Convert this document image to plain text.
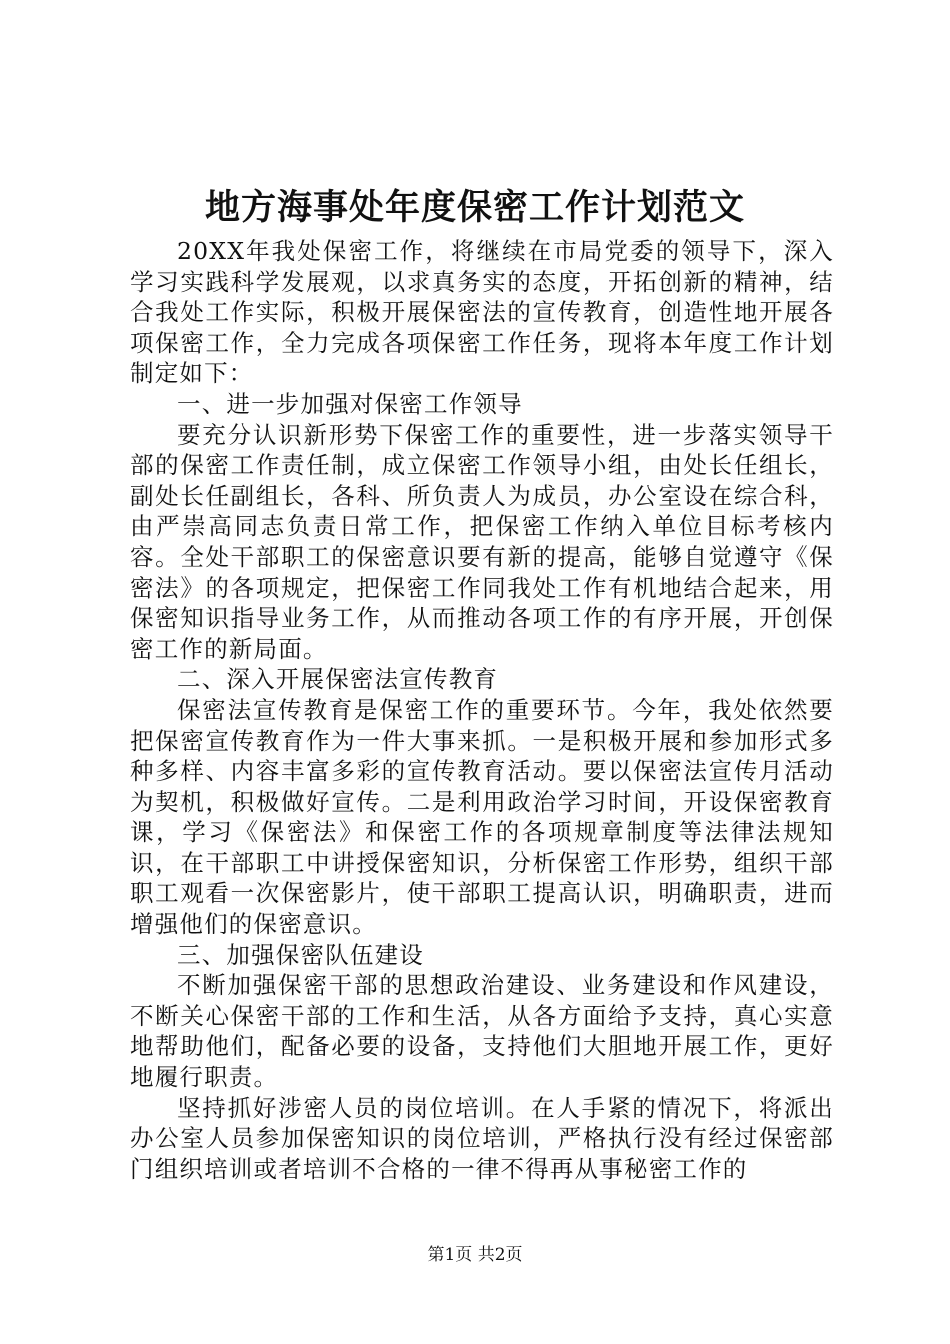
地方海事处年度保密工作计划范文

20XX年我处保密工作，将继续在市局党委的领导下，深入学习实践科学发展观，以求真务实的态度，开拓创新的精神，结合我处工作实际，积极开展保密法的宣传教育，创造性地开展各项保密工作，全力完成各项保密工作任务，现将本年度工作计划制定如下：

一、进一步加强对保密工作领导

要充分认识新形势下保密工作的重要性，进一步落实领导干部的保密工作责任制，成立保密工作领导小组，由处长任组长，副处长任副组长，各科、所负责人为成员，办公室设在综合科，由严崇高同志负责日常工作，把保密工作纳入单位目标考核内容。全处干部职工的保密意识要有新的提高，能够自觉遵守《保密法》的各项规定，把保密工作同我处工作有机地结合起来，用保密知识指导业务工作，从而推动各项工作的有序开展，开创保密工作的新局面。

二、深入开展保密法宣传教育

保密法宣传教育是保密工作的重要环节。今年，我处依然要把保密宣传教育作为一件大事来抓。一是积极开展和参加形式多种多样、内容丰富多彩的宣传教育活动。要以保密法宣传月活动为契机，积极做好宣传。二是利用政治学习时间，开设保密教育课，学习《保密法》和保密工作的各项规章制度等法律法规知识，在干部职工中讲授保密知识，分析保密工作形势，组织干部职工观看一次保密影片，使干部职工提高认识，明确职责，进而增强他们的保密意识。

三、加强保密队伍建设

不断加强保密干部的思想政治建设、业务建设和作风建设，不断关心保密干部的工作和生活，从各方面给予支持，真心实意地帮助他们，配备必要的设备，支持他们大胆地开展工作，更好地履行职责。

坚持抓好涉密人员的岗位培训。在人手紧的情况下，将派出办公室人员参加保密知识的岗位培训，严格执行没有经过保密部门组织培训或者培训不合格的一律不得再从事秘密工作的

第1页 共2页
